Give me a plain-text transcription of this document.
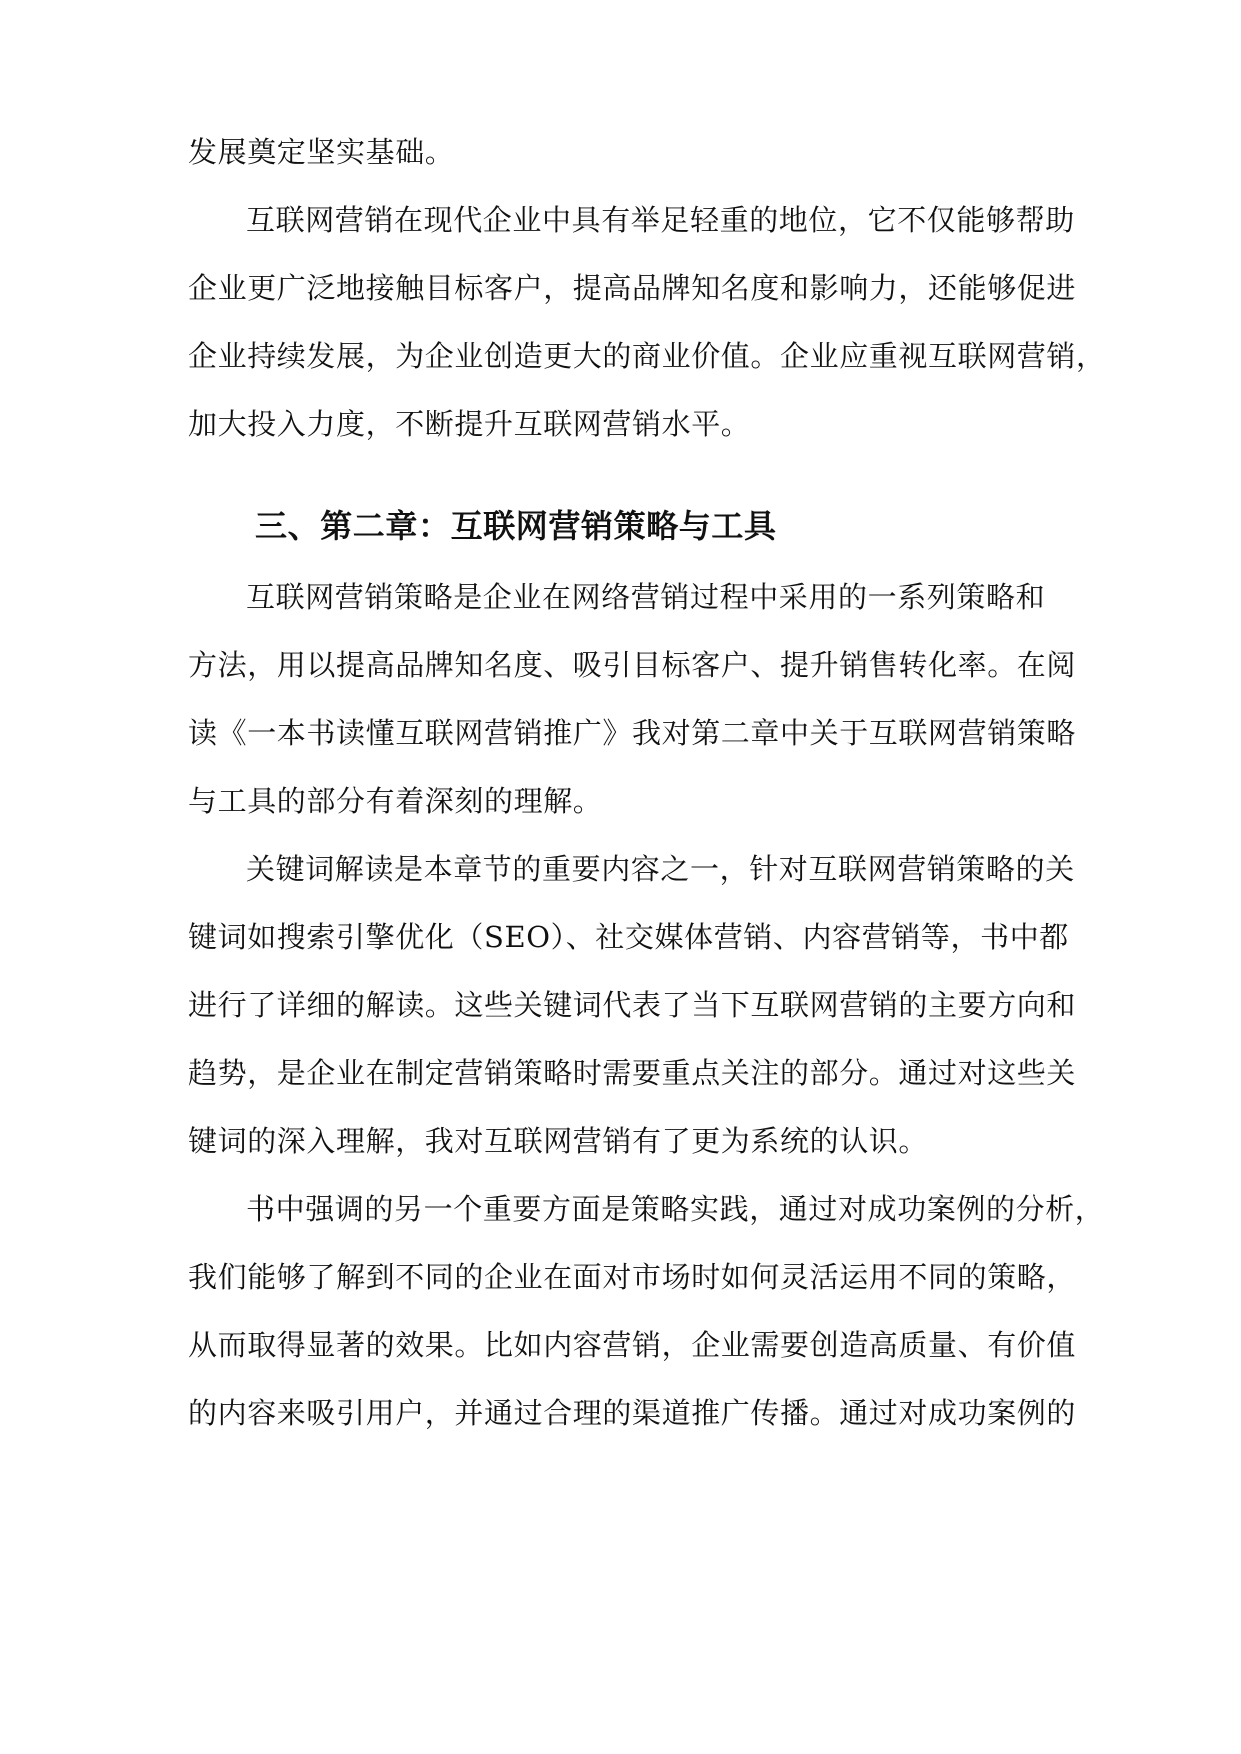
发展奠定坚实基础。
互联网营销在现代企业中具有举足轻重的地位，它不仅能够帮助
企业更广泛地接触目标客户，提高品牌知名度和影响力，还能够促进
企业持续发展，为企业创造更大的商业价值。企业应重视互联网营销，
加大投入力度，不断提升互联网营销水平。
三、第二章：互联网营销策略与工具
互联网营销策略是企业在网络营销过程中采用的一系列策略和
方法，用以提高品牌知名度、吸引目标客户、提升销售转化率。在阅
读《一本书读懂互联网营销推广》我对第二章中关于互联网营销策略
与工具的部分有着深刻的理解。
关键词解读是本章节的重要内容之一，针对互联网营销策略的关
键词如搜索引擎优化（SEO）、社交媒体营销、内容营销等，书中都
进行了详细的解读。这些关键词代表了当下互联网营销的主要方向和
趋势，是企业在制定营销策略时需要重点关注的部分。通过对这些关
键词的深入理解，我对互联网营销有了更为系统的认识。
书中强调的另一个重要方面是策略实践，通过对成功案例的分析，
我们能够了解到不同的企业在面对市场时如何灵活运用不同的策略，
从而取得显著的效果。比如内容营销，企业需要创造高质量、有价值
的内容来吸引用户，并通过合理的渠道推广传播。通过对成功案例的
